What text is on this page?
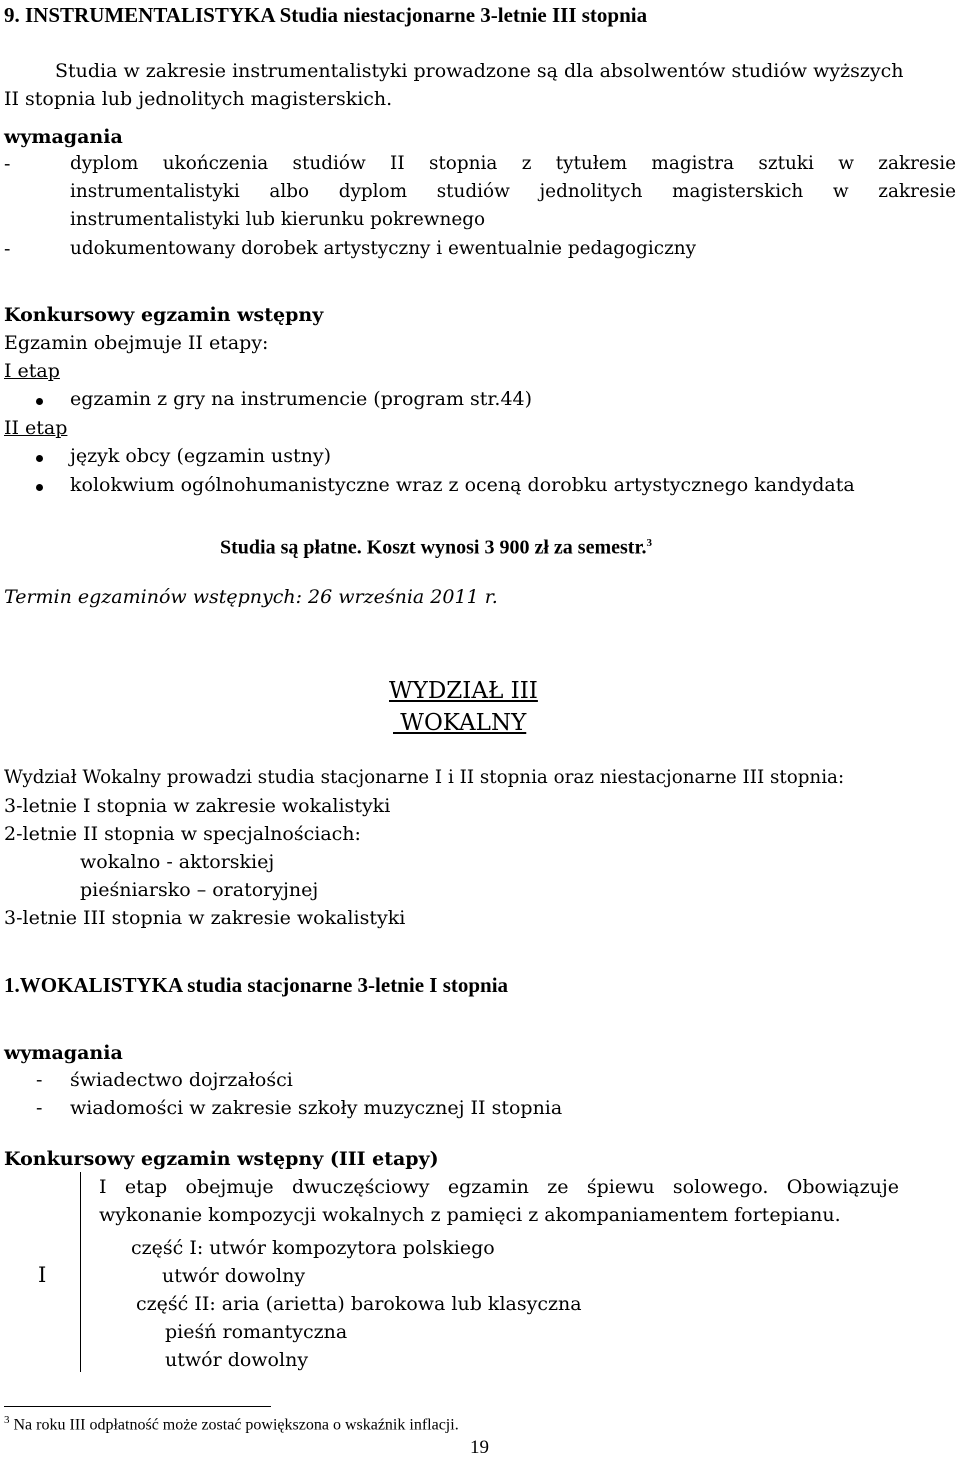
9. INSTRUMENTALISTYKA Studia niestacjonarne 3-letnie III stopnia
Studia w zakresie instrumentalistyki prowadzone są dla absolwentów studiów wyższych
II stopnia lub jednolitych magisterskich.
wymagania
-	dyplom ukończenia studiów II stopnia z tytułem magistra sztuki w zakresie
instrumentalistyki albo dyplom studiów jednolitych magisterskich w zakresie
instrumentalistyki lub kierunku pokrewnego
-	udokumentowany dorobek artystyczny i ewentualnie pedagogiczny
Konkursowy egzamin wstępny
Egzamin obejmuje II etapy:
I etap
egzamin z gry na instrumencie (program str.44)
II etap
język obcy (egzamin ustny)
kolokwium ogólnohumanistyczne wraz z oceną dorobku artystycznego kandydata
Studia są płatne. Koszt wynosi 3 900 zł za semestr.$^3$
Termin egzaminów wstępnych: 26 września 2011 r.
WYDZIAŁ III
WOKALNY
Wydział Wokalny prowadzi studia stacjonarne I i II stopnia oraz niestacjonarne III stopnia:
3-letnie I stopnia w zakresie wokalistyki
2-letnie II stopnia w specjalnościach:
wokalno - aktorskiej
pieśniarsko – oratoryjnej
3-letnie III stopnia w zakresie wokalistyki
1.WOKALISTYKA studia stacjonarne 3-letnie I stopnia
wymagania
- świadectwo dojrzałości
- wiadomości w zakresie szkoły muzycznej II stopnia
Konkursowy egzamin wstępny (III etapy)
I
I etap obejmuje dwuczęściowy egzamin ze śpiewu solowego. Obowiązuje
wykonanie kompozycji wokalnych z pamięci z akompaniamentem fortepianu.
część I: utwór kompozytora polskiego
utwór dowolny
część II: aria (arietta) barokowa lub klasyczna
pieśń romantyczna
utwór dowolny
$^3$ Na roku III odpłatność może zostać powiększona o wskaźnik inflacji.
19
